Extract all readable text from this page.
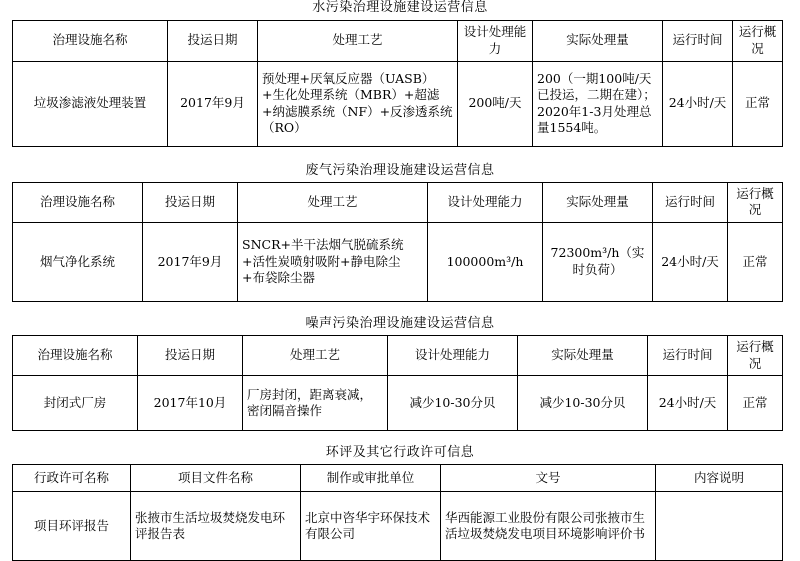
水污染治理设施建设运营信息
治理设施名称	投运日期	处理工艺	设计处理能力	实际处理量	运行时间	运行概况
垃圾渗滤液处理装置	2017年9月	预处理+厌氧反应器（UASB）+生化处理系统（MBR）+超滤+纳滤膜系统（NF）+反渗透系统（RO）	200吨/天	200（一期100吨/天已投运，二期在建）；2020年1-3月处理总量1554吨。	24小时/天	正常
废气污染治理设施建设运营信息
治理设施名称	投运日期	处理工艺	设计处理能力	实际处理量	运行时间	运行概况
烟气净化系统	2017年9月	SNCR+半干法烟气脱硫系统+活性炭喷射吸附+静电除尘+布袋除尘器	100000m³/h	72300m³/h（实时负荷）	24小时/天	正常
噪声污染治理设施建设运营信息
治理设施名称	投运日期	处理工艺	设计处理能力	实际处理量	运行时间	运行概况
封闭式厂房	2017年10月	厂房封闭，距离衰减，密闭隔音操作	减少10-30分贝	减少10-30分贝	24小时/天	正常
环评及其它行政许可信息
行政许可名称	项目文件名称	制作或审批单位	文号	内容说明
项目环评报告	张掖市生活垃圾焚烧发电环评报告表	北京中咨华宇环保技术有限公司	华西能源工业股份有限公司张掖市生活垃圾焚烧发电项目环境影响评价书	
